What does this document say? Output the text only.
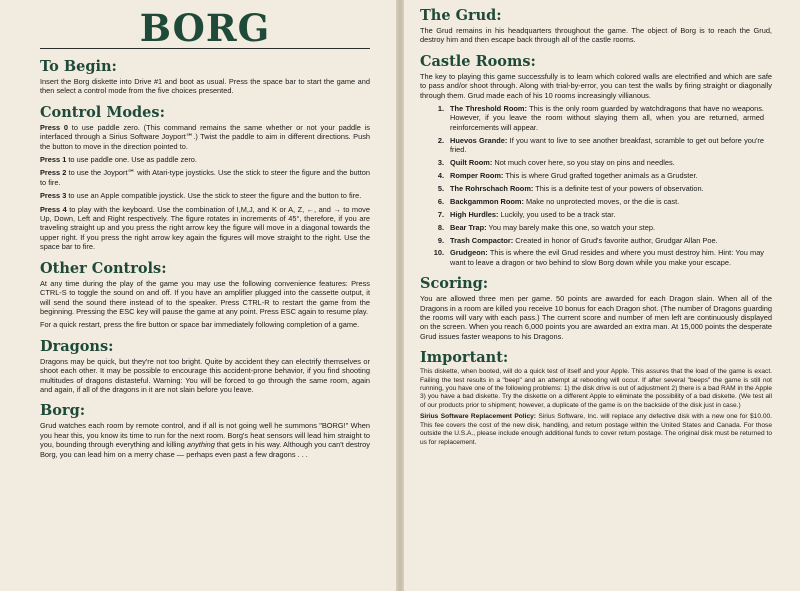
BORG
To Begin:

Insert the Borg diskette into Drive #1 and boot as usual. Press the space bar to start the game and then select a control mode from the five choices presented.

Control Modes:

Press 0 to use paddle zero. (This command remains the same whether or not your paddle is interfaced through a Sirius Software Joyport℠.) Twist the paddle to aim in different directions. Push the button to move in the direction pointed to.

Press 1 to use paddle one. Use as paddle zero.

Press 2 to use the Joyport℠ with Atari-type joysticks. Use the stick to steer the figure and the button to fire.

Press 3 to use an Apple compatible joystick. Use the stick to steer the figure and the button to fire.

Press 4 to play with the keyboard. Use the combination of I,M,J, and K or A, Z, ←, and → to move Up, Down, Left and Right respectively. The figure rotates in increments of 45°, therefore, if you are traveling straight up and you press the right arrow key the figure will move in a diagonal towards the upper right. If you press the right arrow key again the figures will move straight to the right. Use the space bar to fire.

Other Controls:

At any time during the play of the game you may use the following convenience features: Press CTRL-S to toggle the sound on and off. If you have an amplifier plugged into the cassette output, it will send the sound there instead of to the speaker. Press CTRL-R to restart the game from the beginning. Pressing the ESC key will pause the game at any point. Press ESC again to resume play.

For a quick restart, press the fire button or space bar immediately following completion of a game.

Dragons:

Dragons may be quick, but they're not too bright. Quite by accident they can electrify themselves or shoot each other. It may be possible to encourage this accident-prone behavior, if you find shooting multitudes of dragons distasteful. Warning: You will be forced to go through the same room, again and again, if all of the dragons in it are not slain before you leave.

Borg:

Grud watches each room by remote control, and if all is not going well he summons "BORG!" When you hear this, you know its time to run for the next room. Borg's heat sensors will lead him straight to you, bounding through everything and killing anything that gets in his way. Although you can't destroy Borg, you can lead him on a merry chase — perhaps even past a few dragons . . .

The Grud:

The Grud remains in his headquarters throughout the game. The object of Borg is to reach the Grud, destroy him and then escape back through all of the castle rooms.

Castle Rooms:

The key to playing this game successfully is to learn which colored walls are electrified and which are safe to pass and/or shoot through. Along with trial-by-error, you can test the walls by firing straight or diagonally through them. Grud made each of his 10 rooms increasingly villianous.

1. The Threshold Room: This is the only room guarded by watchdragons that have no weapons. However, if you leave the room without slaying them all, when you are returned, armed reinforcements will appear.
2. Huevos Grande: If you want to live to see another breakfast, scramble to get out before you're fried.
3. Quilt Room: Not much cover here, so you stay on pins and needles.
4. Romper Room: This is where Grud grafted together animals as a Grudster.
5. The Rohrschach Room: This is a definite test of your powers of observation.
6. Backgammon Room: Make no unprotected moves, or the die is cast.
7. High Hurdles: Luckily, you used to be a track star.
8. Bear Trap: You may barely make this one, so watch your step.
9. Trash Compactor: Created in honor of Grud's favorite author, Grudgar Allan Poe.
10. Grudgeon: This is where the evil Grud resides and where you must destroy him. Hint: You may want to leave a dragon or two behind to slow Borg down while you make your escape.
Scoring:

You are allowed three men per game. 50 points are awarded for each Dragon slain. When all of the Dragons in a room are killed you receive 10 bonus for each Dragon shot. (The number of Dragons guarding the rooms will vary with each pass.) The current score and number of men left are continuously displayed on the screen. When you reach 6,000 points you are awarded an extra man. At 15,000 points the desperate Grud issues faster weapons to his Dragons.

Important:

This diskette, when booted, will do a quick test of itself and your Apple. This assures that the load of the game is exact. Failing the test results in a "beep" and an attempt at rebooting will occur. If after several "beeps" the game is still not running, you have one of the following problems: 1) the disk drive is out of adjustment 2) there is a bad RAM in the Apple 3) you have a bad diskette. Try the diskette on a different Apple to eliminate the possibility of a bad diskette. (We test all of our products prior to shipment; however, a duplicate of the game is on the backside of the disk just in case.)

Sirius Software Replacement Policy: Sirius Software, Inc. will replace any defective disk with a new one for $10.00. This fee covers the cost of the new disk, handling, and return postage within the United States and Canada. For those outside the U.S.A., please include enough additional funds to cover return postage. The original disk must be returned to us for replacement.
